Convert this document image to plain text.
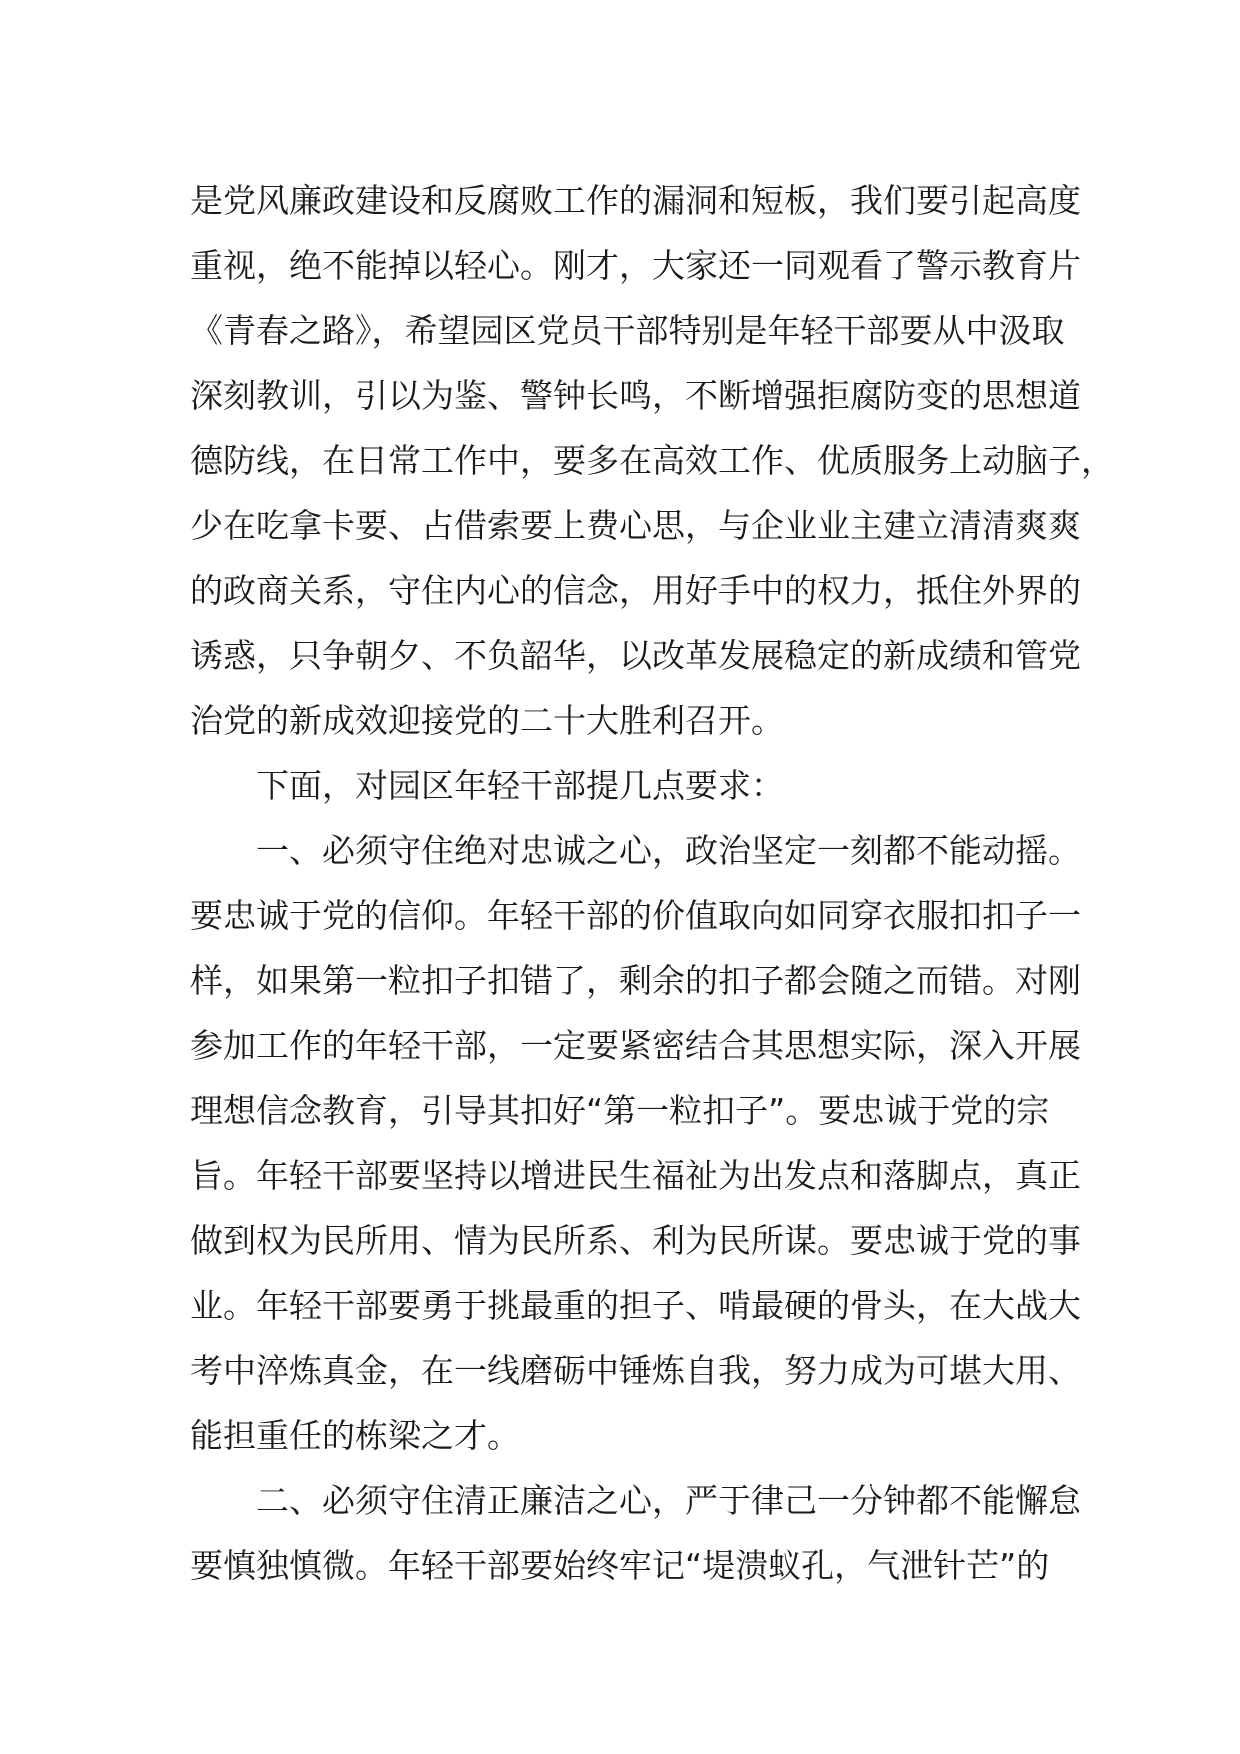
是党风廉政建设和反腐败工作的漏洞和短板，我们要引起高度
重视，绝不能掉以轻心。刚才，大家还一同观看了警示教育片
《青春之路》，希望园区党员干部特别是年轻干部要从中汲取
深刻教训，引以为鉴、警钟长鸣，不断增强拒腐防变的思想道
德防线，在日常工作中，要多在高效工作、优质服务上动脑子，
少在吃拿卡要、占借索要上费心思，与企业业主建立清清爽爽
的政商关系，守住内心的信念，用好手中的权力，抵住外界的
诱惑，只争朝夕、不负韶华，以改革发展稳定的新成绩和管党
治党的新成效迎接党的二十大胜利召开。
下面，对园区年轻干部提几点要求：
一、必须守住绝对忠诚之心，政治坚定一刻都不能动摇。
要忠诚于党的信仰。年轻干部的价值取向如同穿衣服扣扣子一
样，如果第一粒扣子扣错了，剩余的扣子都会随之而错。对刚
参加工作的年轻干部，一定要紧密结合其思想实际，深入开展
理想信念教育，引导其扣好“第一粒扣子”。要忠诚于党的宗
旨。年轻干部要坚持以增进民生福祉为出发点和落脚点，真正
做到权为民所用、情为民所系、利为民所谋。要忠诚于党的事
业。年轻干部要勇于挑最重的担子、啃最硬的骨头，在大战大
考中淬炼真金，在一线磨砺中锤炼自我，努力成为可堪大用、
能担重任的栋梁之才。
二、必须守住清正廉洁之心，严于律己一分钟都不能懈怠
要慎独慎微。年轻干部要始终牢记“堤溃蚁孔，气泄针芒”的
